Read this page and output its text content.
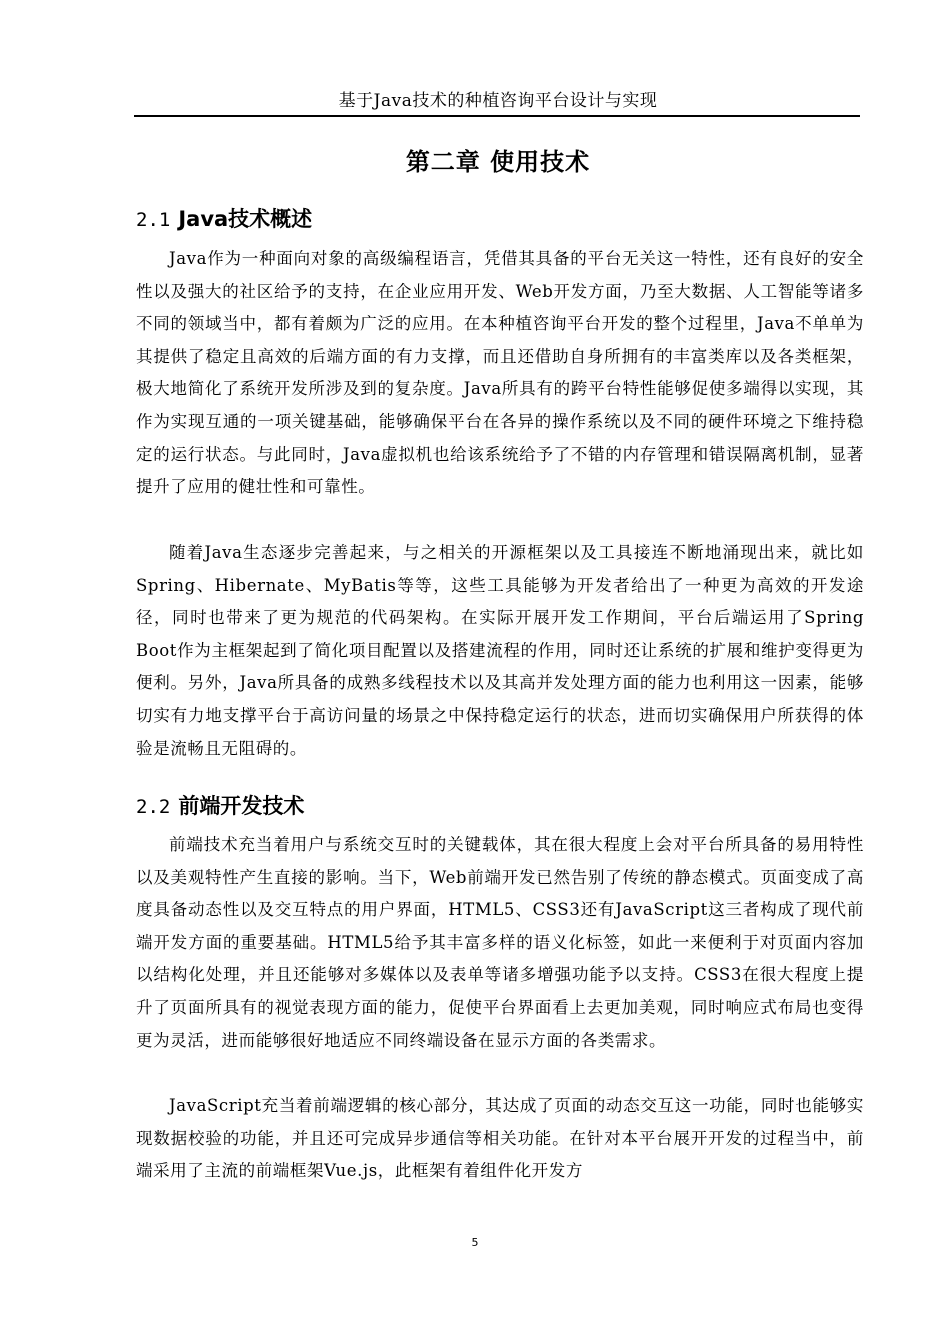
基于Java技术的种植咨询平台设计与实现
第二章 使用技术
2.1 Java技术概述

Java作为一种面向对象的高级编程语言，凭借其具备的平台无关这一特性，还有良好的安全性以及强大的社区给予的支持，在企业应用开发、Web开发方面，乃至大数据、人工智能等诸多不同的领域当中，都有着颇为广泛的应用。在本种植咨询平台开发的整个过程里，Java不单单为其提供了稳定且高效的后端方面的有力支撑，而且还借助自身所拥有的丰富类库以及各类框架，极大地简化了系统开发所涉及到的复杂度。Java所具有的跨平台特性能够促使多端得以实现，其作为实现互通的一项关键基础，能够确保平台在各异的操作系统以及不同的硬件环境之下维持稳定的运行状态。与此同时，Java虚拟机也给该系统给予了不错的内存管理和错误隔离机制，显著提升了应用的健壮性和可靠性。

随着Java生态逐步完善起来，与之相关的开源框架以及工具接连不断地涌现出来，就比如Spring、Hibernate、MyBatis等等，这些工具能够为开发者给出了一种更为高效的开发途径，同时也带来了更为规范的代码架构。在实际开展开发工作期间，平台后端运用了Spring Boot作为主框架起到了简化项目配置以及搭建流程的作用，同时还让系统的扩展和维护变得更为便利。另外，Java所具备的成熟多线程技术以及其高并发处理方面的能力也利用这一因素，能够切实有力地支撑平台于高访问量的场景之中保持稳定运行的状态，进而切实确保用户所获得的体验是流畅且无阻碍的。

2.2 前端开发技术

前端技术充当着用户与系统交互时的关键载体，其在很大程度上会对平台所具备的易用特性以及美观特性产生直接的影响。当下，Web前端开发已然告别了传统的静态模式。页面变成了高度具备动态性以及交互特点的用户界面，HTML5、CSS3还有JavaScript这三者构成了现代前端开发方面的重要基础。HTML5给予其丰富多样的语义化标签，如此一来便利于对页面内容加以结构化处理，并且还能够对多媒体以及表单等诸多增强功能予以支持。CSS3在很大程度上提升了页面所具有的视觉表现方面的能力，促使平台界面看上去更加美观，同时响应式布局也变得更为灵活，进而能够很好地适应不同终端设备在显示方面的各类需求。

JavaScript充当着前端逻辑的核心部分，其达成了页面的动态交互这一功能，同时也能够实现数据校验的功能，并且还可完成异步通信等相关功能。在针对本平台展开开发的过程当中，前端采用了主流的前端框架Vue.js，此框架有着组件化开发方

5
